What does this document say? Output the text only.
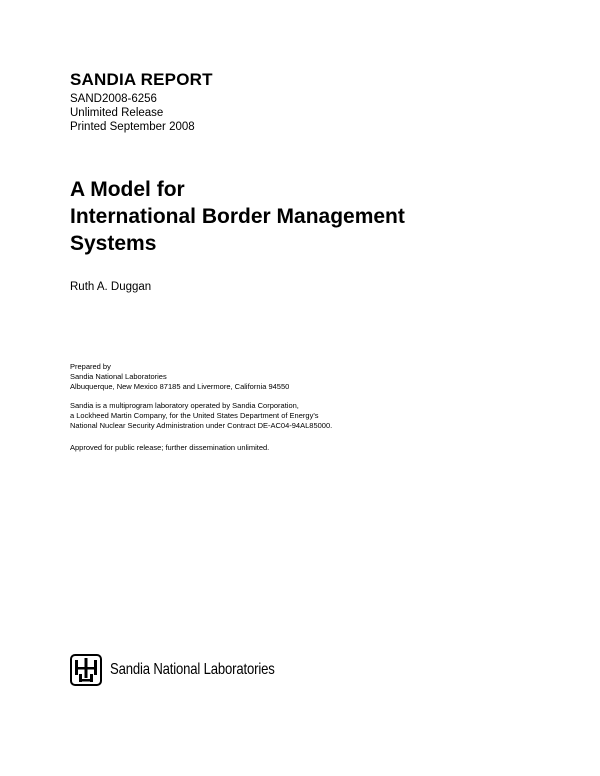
SANDIA REPORT
SAND2008-6256
Unlimited Release
Printed September 2008
A Model for
International Border Management
Systems
Ruth A. Duggan
Prepared by
Sandia National Laboratories
Albuquerque, New Mexico 87185 and Livermore, California 94550
Sandia is a multiprogram laboratory operated by Sandia Corporation,
a Lockheed Martin Company, for the United States Department of Energy's
National Nuclear Security Administration under Contract DE-AC04-94AL85000.
Approved for public release; further dissemination unlimited.
Sandia National Laboratories
